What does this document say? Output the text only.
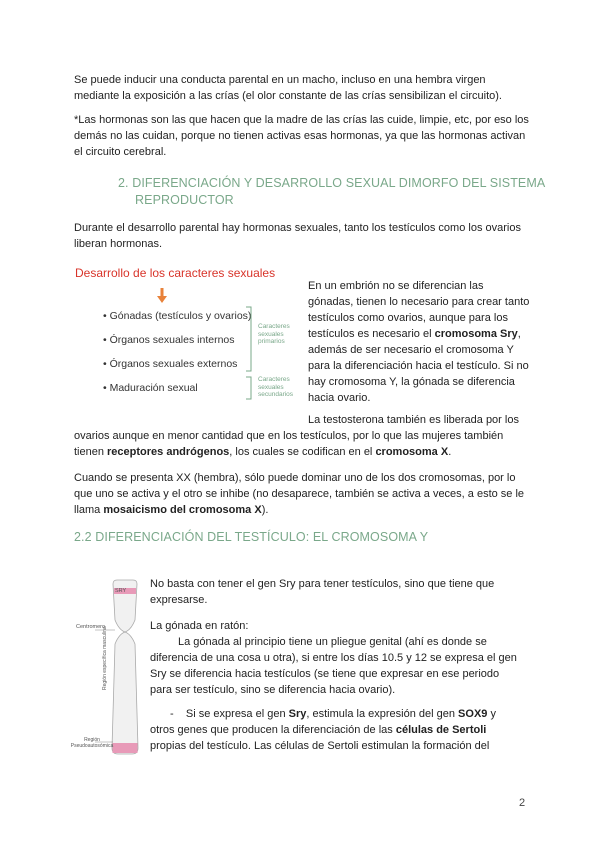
Se puede inducir una conducta parental en un macho, incluso en una hembra virgen mediante la exposición a las crías (el olor constante de las crías sensibilizan el circuito).

*Las hormonas son las que hacen que la madre de las crías las cuide, limpie, etc, por eso los demás no las cuidan, porque no tienen activas esas hormonas, ya que las hormonas activan el circuito cerebral.

2. DIFERENCIACIÓN Y DESARROLLO SEXUAL DIMORFO DEL SISTEMA
REPRODUCTOR

Durante el desarrollo parental hay hormonas sexuales, tanto los testículos como los ovarios liberan hormonas.

Desarrollo de los caracteres sexuales
• Gónadas (testículos y ovarios)
• Órganos sexuales internos
• Órganos sexuales externos
• Maduración sexual
Caracteres sexuales primarios
Caracteres sexuales secundarios

En un embrión no se diferencian las gónadas, tienen lo necesario para crear tanto testículos como ovarios, aunque para los testículos es necesario el cromosoma Sry, además de ser necesario el cromosoma Y para la diferenciación hacia el testículo. Si no hay cromosoma Y, la gónada se diferencia hacia ovario.

La testosterona también es liberada por los ovarios aunque en menor cantidad que en los testículos, por lo que las mujeres también tienen receptores andrógenos, los cuales se codifican en el cromosoma X.

Cuando se presenta XX (hembra), sólo puede dominar uno de los dos cromosomas, por lo que uno se activa y el otro se inhibe (no desaparece, también se activa a veces, a esto se le llama mosaicismo del cromosoma X).

2.2 DIFERENCIACIÓN DEL TESTÍCULO: EL CROMOSOMA Y
SRY
Centromero
Región específica masculina
Región
Pseudoautosómica

No basta con tener el gen Sry para tener testículos, sino que tiene que expresarse.

La gónada en ratón:

La gónada al principio tiene un pliegue genital (ahí es donde se diferencia de una cosa u otra), si entre los días 10.5 y 12 se expresa el gen Sry se diferencia hacia testículos (se tiene que expresar en ese periodo para ser testículo, sino se diferencia hacia ovario).

- Si se expresa el gen Sry, estimula la expresión del gen SOX9 y otros genes que producen la diferenciación de las células de Sertoli propias del testículo. Las células de Sertoli estimulan la formación del

2
